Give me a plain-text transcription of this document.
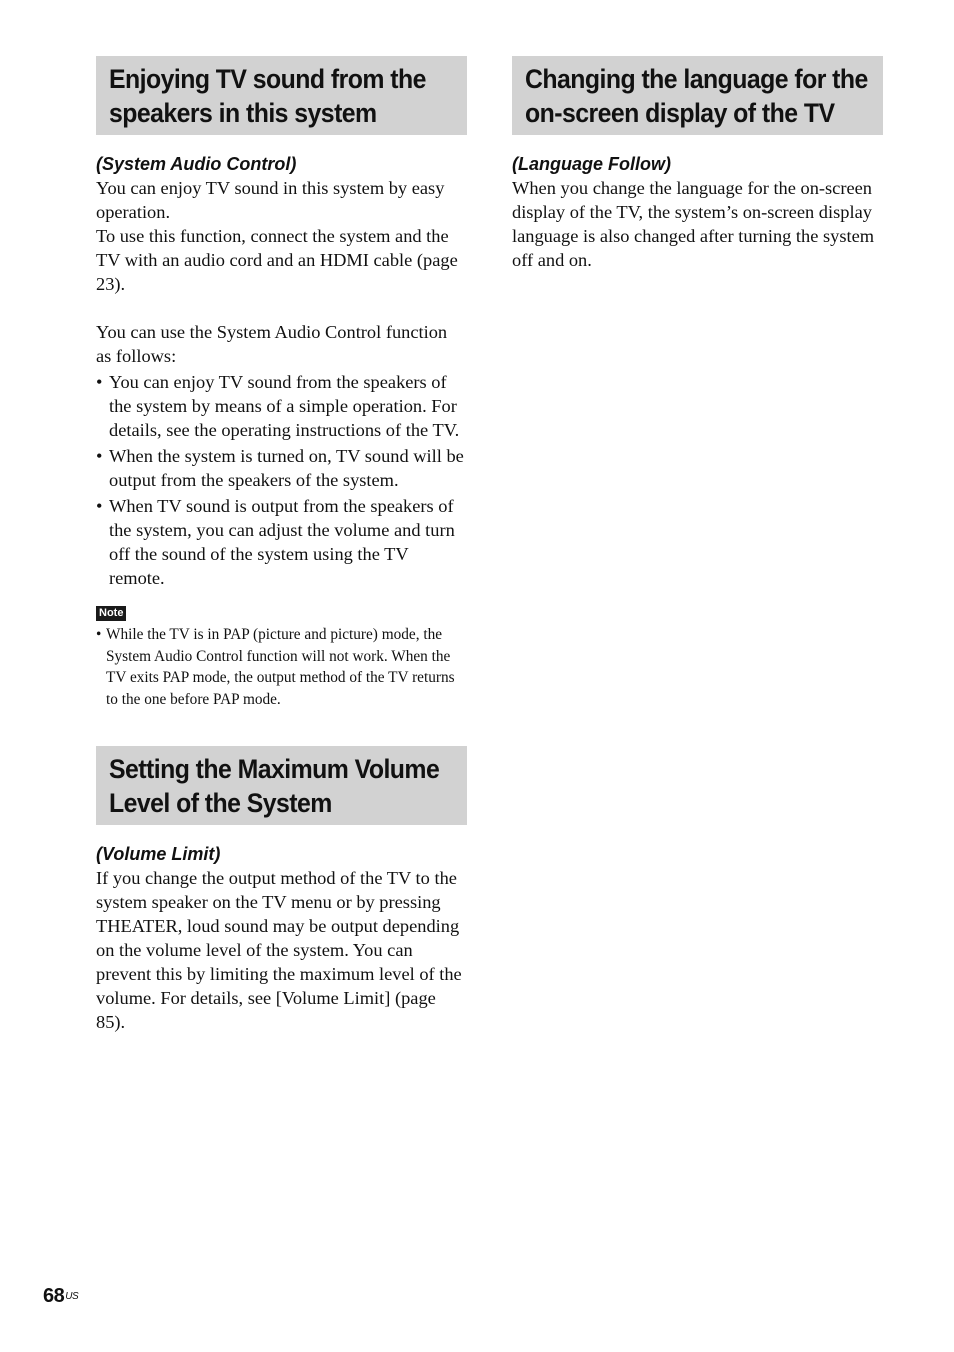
Enjoying TV sound from the
speakers in this system
(System Audio Control)

You can enjoy TV sound in this system by easy operation.

To use this function, connect the system and the TV with an audio cord and an HDMI cable (page 23).

You can use the System Audio Control function as follows:

• You can enjoy TV sound from the speakers of the system by means of a simple operation. For details, see the operating instructions of the TV.
• When the system is turned on, TV sound will be output from the speakers of the system.
• When TV sound is output from the speakers of the system, you can adjust the volume and turn off the sound of the system using the TV remote.
Note
• While the TV is in PAP (picture and picture) mode, the System Audio Control function will not work. When the TV exits PAP mode, the output method of the TV returns to the one before PAP mode.
Setting the Maximum Volume
Level of the System
(Volume Limit)

If you change the output method of the TV to the system speaker on the TV menu or by pressing THEATER, loud sound may be output depending on the volume level of the system. You can prevent this by limiting the maximum level of the volume. For details, see [Volume Limit] (page 85).

Changing the language for the
on-screen display of the TV
(Language Follow)

When you change the language for the on-screen display of the TV, the system’s on-screen display language is also changed after turning the system off and on.

$68^{US}$
